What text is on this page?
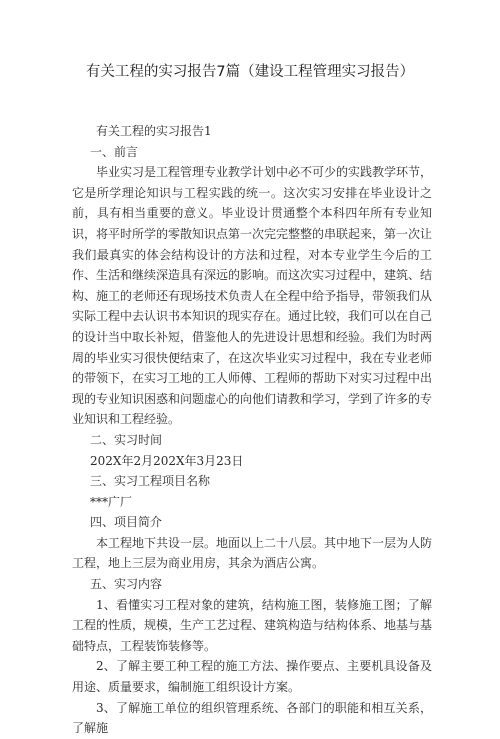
有关工程的实习报告7篇（建设工程管理实习报告）

有关工程的实习报告1

一、前言

毕业实习是工程管理专业教学计划中必不可少的实践教学环节，它是所学理论知识与工程实践的统一。这次实习安排在毕业设计之前，具有相当重要的意义。毕业设计贯通整个本科四年所有专业知识，将平时所学的零散知识点第一次完完整整的串联起来，第一次让我们最真实的体会结构设计的方法和过程，对本专业学生今后的工作、生活和继续深造具有深远的影响。而这次实习过程中，建筑、结构、施工的老师还有现场技术负责人在全程中给予指导，带领我们从实际工程中去认识书本知识的现实存在。通过比较，我们可以在自己的设计当中取长补短，借鉴他人的先进设计思想和经验。我们为时两周的毕业实习很快便结束了，在这次毕业实习过程中，我在专业老师的带领下，在实习工地的工人师傅、工程师的帮助下对实习过程中出现的专业知识困惑和问题虚心的向他们请教和学习，学到了许多的专业知识和工程经验。

二、实习时间

202X年2月202X年3月23日

三、实习工程项目名称

***广厂

四、项目简介

本工程地下共设一层。地面以上二十八层。其中地下一层为人防工程，地上三层为商业用房，其余为酒店公寓。

五、实习内容

1、看懂实习工程对象的建筑，结构施工图，装修施工图；了解工程的性质，规模，生产工艺过程、建筑构造与结构体系、地基与基础特点，工程装饰装修等。

2、了解主要工种工程的施工方法、操作要点、主要机具设备及用途、质量要求，编制施工组织设计方案。

3、了解施工单位的组织管理系统、各部门的职能和相互关系，了解施
